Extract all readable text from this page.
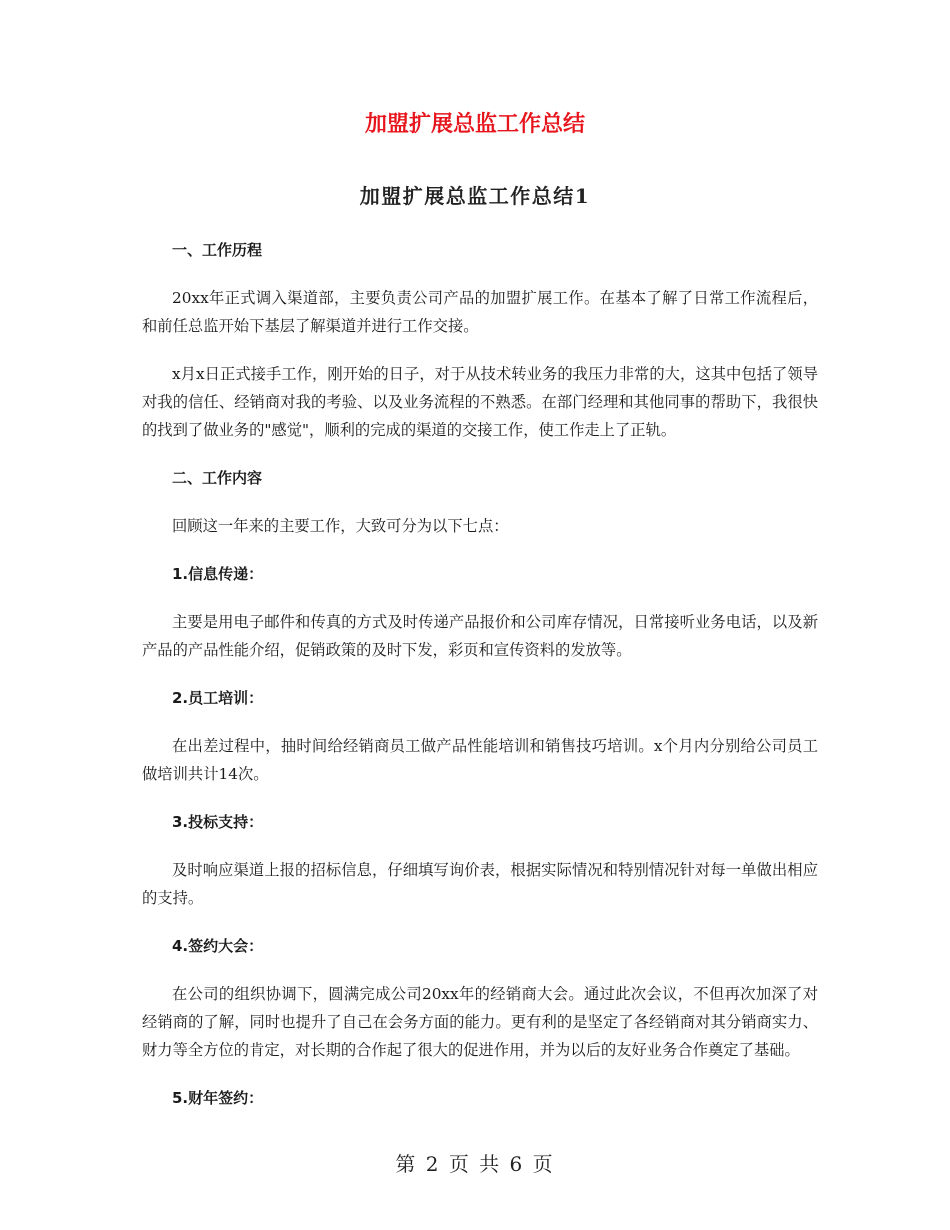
加盟扩展总监工作总结
加盟扩展总监工作总结1

一、工作历程

20xx年正式调入渠道部，主要负责公司产品的加盟扩展工作。在基本了解了日常工作流程后，和前任总监开始下基层了解渠道并进行工作交接。

x月x日正式接手工作，刚开始的日子，对于从技术转业务的我压力非常的大，这其中包括了领导对我的信任、经销商对我的考验、以及业务流程的不熟悉。在部门经理和其他同事的帮助下，我很快的找到了做业务的"感觉"，顺利的完成的渠道的交接工作，使工作走上了正轨。

二、工作内容

回顾这一年来的主要工作，大致可分为以下七点：

1.信息传递：

主要是用电子邮件和传真的方式及时传递产品报价和公司库存情况，日常接听业务电话，以及新产品的产品性能介绍，促销政策的及时下发，彩页和宣传资料的发放等。

2.员工培训：

在出差过程中，抽时间给经销商员工做产品性能培训和销售技巧培训。x个月内分别给公司员工做培训共计14次。

3.投标支持：

及时响应渠道上报的招标信息，仔细填写询价表，根据实际情况和特别情况针对每一单做出相应的支持。

4.签约大会：

在公司的组织协调下，圆满完成公司20xx年的经销商大会。通过此次会议，不但再次加深了对经销商的了解，同时也提升了自己在会务方面的能力。更有利的是坚定了各经销商对其分销商实力、财力等全方位的肯定，对长期的合作起了很大的促进作用，并为以后的友好业务合作奠定了基础。

5.财年签约：

第 2 页 共 6 页
